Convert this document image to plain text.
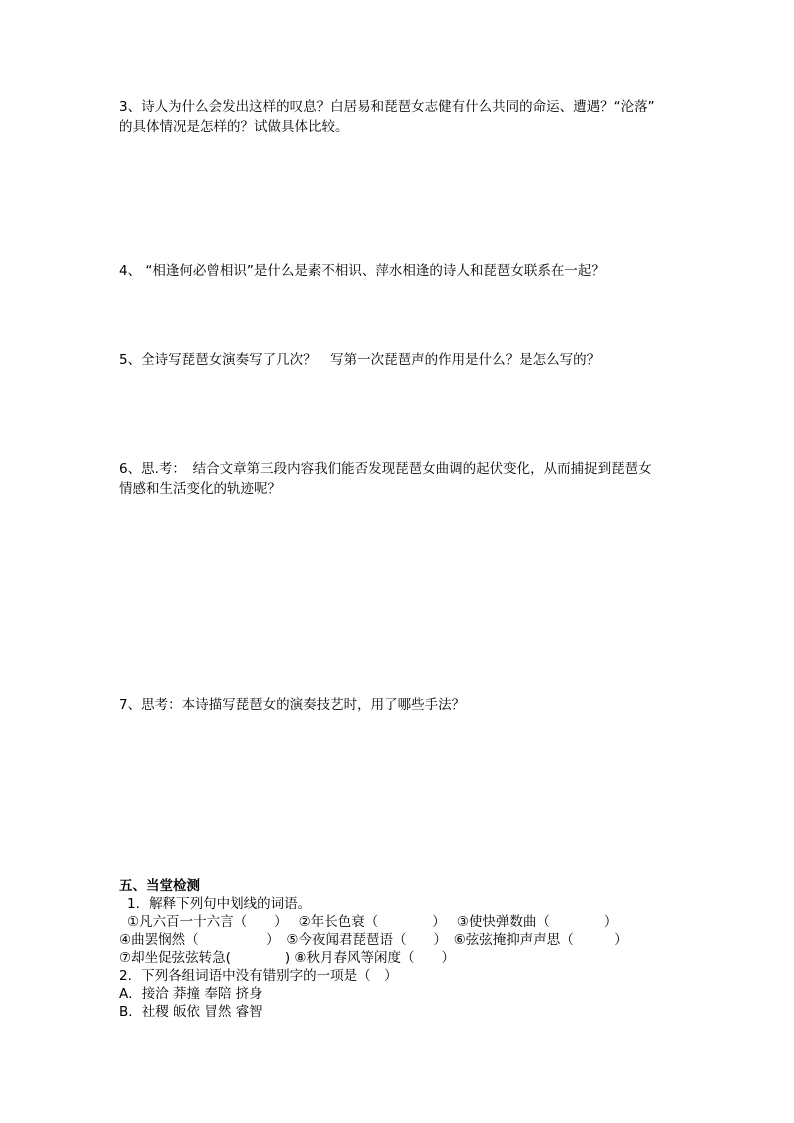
3、诗人为什么会发出这样的叹息？白居易和琵琶女志健有什么共同的命运、遭遇？“沦落”
的具体情况是怎样的？试做具体比较。
4、 “相逢何必曾相识”是什么是素不相识、萍水相逢的诗人和琵琶女联系在一起？
5、全诗写琵琶女演奏写了几次？　写第一次琵琶声的作用是什么？是怎么写的？
6、思.考：　结合文章第三段内容我们能否发现琵琶女曲调的起伏变化，从而捕捉到琵琶女
情感和生活变化的轨迹呢？
7、思考：本诗描写琵琶女的演奏技艺时，用了哪些手法？
五、当堂检测
1．解释下列句中划线的词语。
①凡六百一十六言（　　）　 ②年长色衰（　　　　）　 ③使快弹数曲（　　　　）
④曲罢悯然（　　　　　）　⑤今夜闻君琵琶语（　　）　⑥弦弦掩抑声声思（　　　）
⑦却坐促弦弦转急(　　　　) ⑧秋月春风等闲度（　　）
2．下列各组词语中没有错别字的一项是（　）
A．接洽 莽撞 奉陪 挤身
B．社稷 皈依 冒然 睿智
